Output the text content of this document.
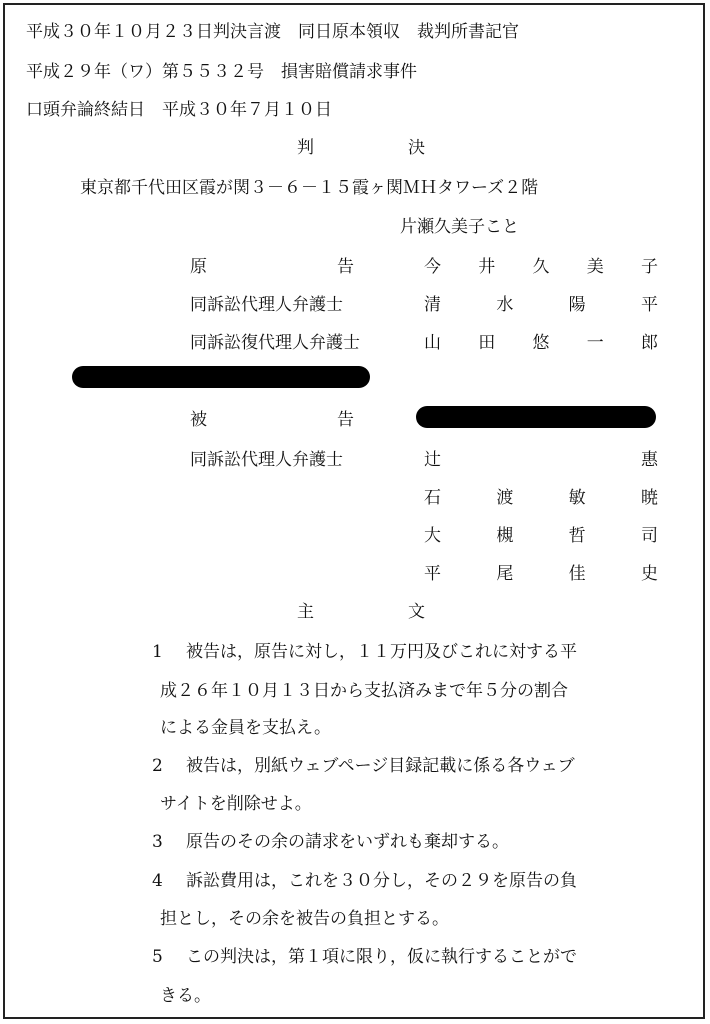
平成３０年１０月２３日判決言渡　同日原本領収　裁判所書記官
平成２９年（ワ）第５５３２号　損害賠償請求事件
口頭弁論終結日　平成３０年７月１０日
判	決
東京都千代田区霞が関３－６－１５霞ヶ関ＭＨタワーズ２階
片瀬久美子こと
原	告	今 井 久 美 子
同訴訟代理人弁護士	清	水	陽	平
同訴訟復代理人弁護士	山 田 悠 一 郎
被	告
同訴訟代理人弁護士	辻	惠
石	渡	敏	暁
大	槻	哲	司
平	尾	佳	史
主	文
1 被告は，原告に対し，１１万円及びこれに対する平
成２６年１０月１３日から支払済みまで年５分の割合
による金員を支払え。
2 被告は，別紙ウェブページ目録記載に係る各ウェブ
サイトを削除せよ。
3 原告のその余の請求をいずれも棄却する。
4 訴訟費用は，これを３０分し，その２９を原告の負
担とし，その余を被告の負担とする。
5 この判決は，第１項に限り，仮に執行することがで
きる。
